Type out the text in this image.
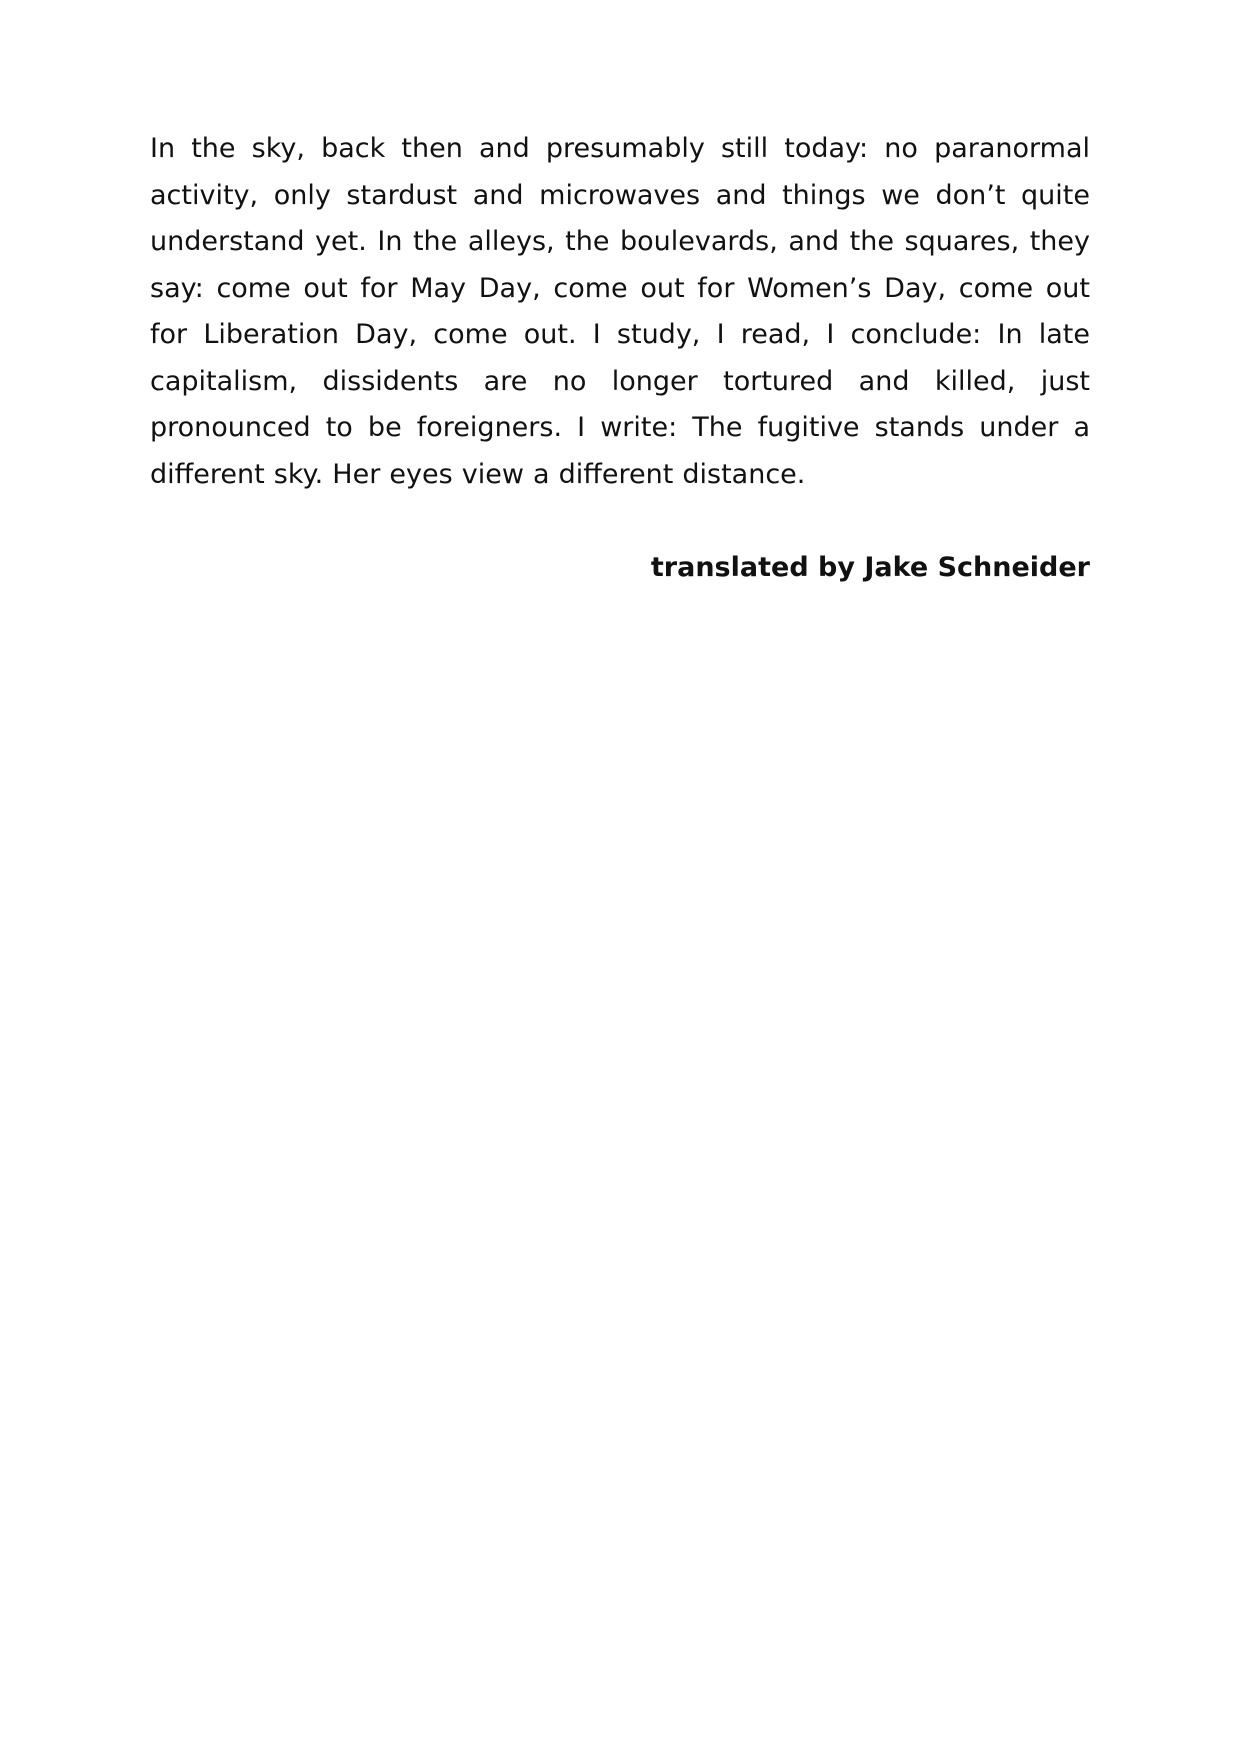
In the sky, back then and presumably still today: no paranormal activity, only stardust and microwaves and things we don’t quite understand yet. In the alleys, the boulevards, and the squares, they say: come out for May Day, come out for Women’s Day, come out for Liberation Day, come out. I study, I read, I conclude: In late capitalism, dissidents are no longer tortured and killed, just pronounced to be foreigners. I write: The fugitive stands under a different sky. Her eyes view a different distance.

translated by Jake Schneider
